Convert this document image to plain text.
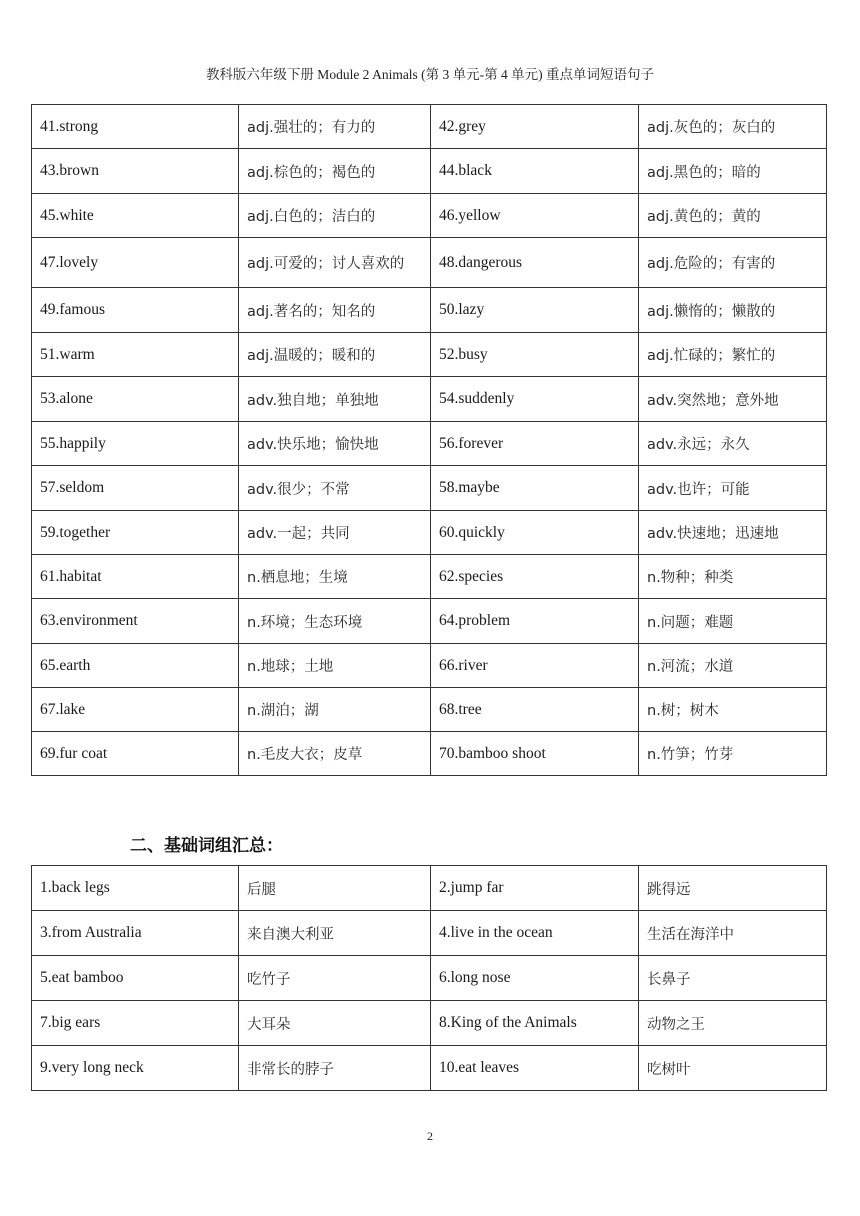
教科版六年级下册 Module 2 Animals (第 3 单元-第 4 单元) 重点单词短语句子
41.strong	adj.强壮的；有力的	42.grey	adj.灰色的；灰白的
43.brown	adj.棕色的；褐色的	44.black	adj.黑色的；暗的
45.white	adj.白色的；洁白的	46.yellow	adj.黄色的；黄的
47.lovely	adj.可爱的；讨人喜欢的	48.dangerous	adj.危险的；有害的
49.famous	adj.著名的；知名的	50.lazy	adj.懒惰的；懒散的
51.warm	adj.温暖的；暖和的	52.busy	adj.忙碌的；繁忙的
53.alone	adv.独自地；单独地	54.suddenly	adv.突然地；意外地
55.happily	adv.快乐地；愉快地	56.forever	adv.永远；永久
57.seldom	adv.很少；不常	58.maybe	adv.也许；可能
59.together	adv.一起；共同	60.quickly	adv.快速地；迅速地
61.habitat	n.栖息地；生境	62.species	n.物种；种类
63.environment	n.环境；生态环境	64.problem	n.问题；难题
65.earth	n.地球；土地	66.river	n.河流；水道
67.lake	n.湖泊；湖	68.tree	n.树；树木
69.fur coat	n.毛皮大衣；皮草	70.bamboo shoot	n.竹笋；竹芽
二、基础词组汇总：
1.back legs	后腿	2.jump far	跳得远
3.from Australia	来自澳大利亚	4.live in the ocean	生活在海洋中
5.eat bamboo	吃竹子	6.long nose	长鼻子
7.big ears	大耳朵	8.King of the Animals	动物之王
9.very long neck	非常长的脖子	10.eat leaves	吃树叶
2
